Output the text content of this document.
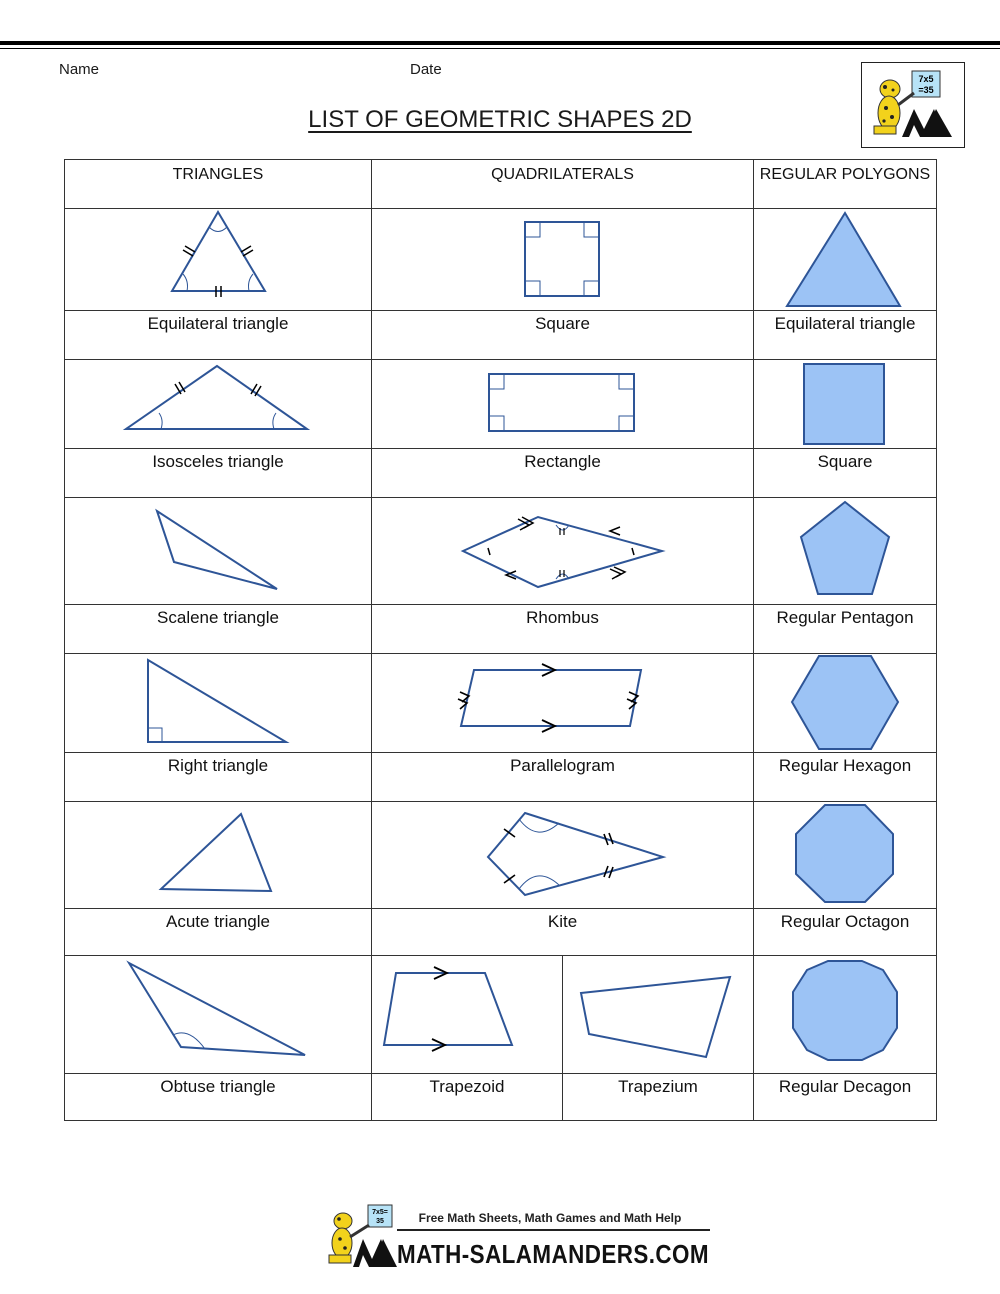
Name	Date
LIST OF GEOMETRIC SHAPES 2D
7x5
=35
TRIANGLES	QUADRILATERALS		REGULAR POLYGONS

Equilateral triangle	Square		Equilateral triangle

Isosceles triangle	Rectangle		Square

Scalene triangle	Rhombus		Regular Pentagon

Right triangle	Parallelogram		Regular Hexagon

Acute triangle	Kite		Regular Octagon

Obtuse triangle	Trapezoid	Trapezium	Regular Decagon
7x5=
35	Free Math Sheets, Math Games and Math Help
MATH-SALAMANDERS.COM
